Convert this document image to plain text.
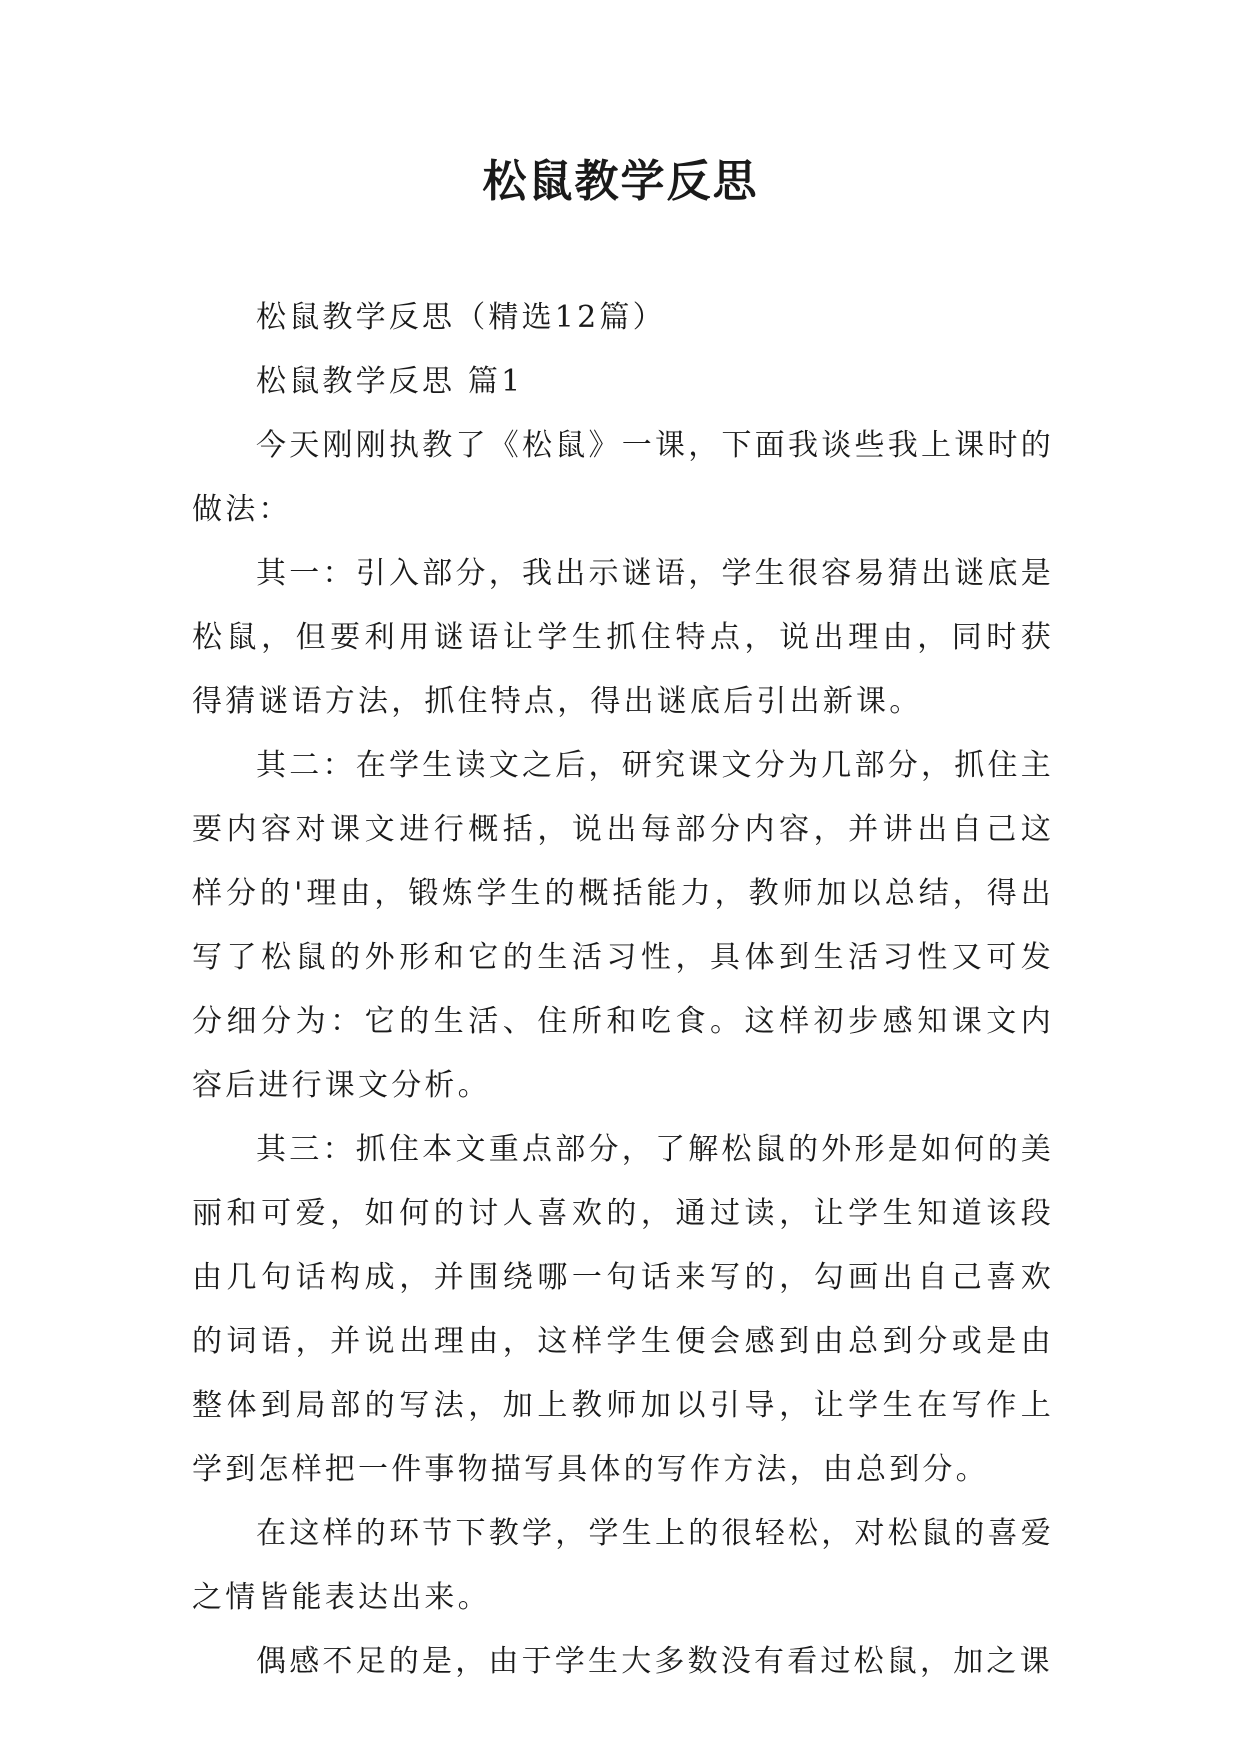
松鼠教学反思

松鼠教学反思（精选12篇）

松鼠教学反思 篇1

今天刚刚执教了《松鼠》一课，下面我谈些我上课时的做法：

其一：引入部分，我出示谜语，学生很容易猜出谜底是松鼠，但要利用谜语让学生抓住特点，说出理由，同时获得猜谜语方法，抓住特点，得出谜底后引出新课。

其二：在学生读文之后，研究课文分为几部分，抓住主要内容对课文进行概括，说出每部分内容，并讲出自己这样分的'理由，锻炼学生的概括能力，教师加以总结，得出写了松鼠的外形和它的生活习性，具体到生活习性又可发分细分为：它的生活、住所和吃食。这样初步感知课文内容后进行课文分析。

其三：抓住本文重点部分，了解松鼠的外形是如何的美丽和可爱，如何的讨人喜欢的，通过读，让学生知道该段由几句话构成，并围绕哪一句话来写的，勾画出自己喜欢的词语，并说出理由，这样学生便会感到由总到分或是由整体到局部的写法，加上教师加以引导，让学生在写作上学到怎样把一件事物描写具体的写作方法，由总到分。

在这样的环节下教学，学生上的很轻松，对松鼠的喜爱之情皆能表达出来。

偶感不足的是，由于学生大多数没有看过松鼠，加之课
